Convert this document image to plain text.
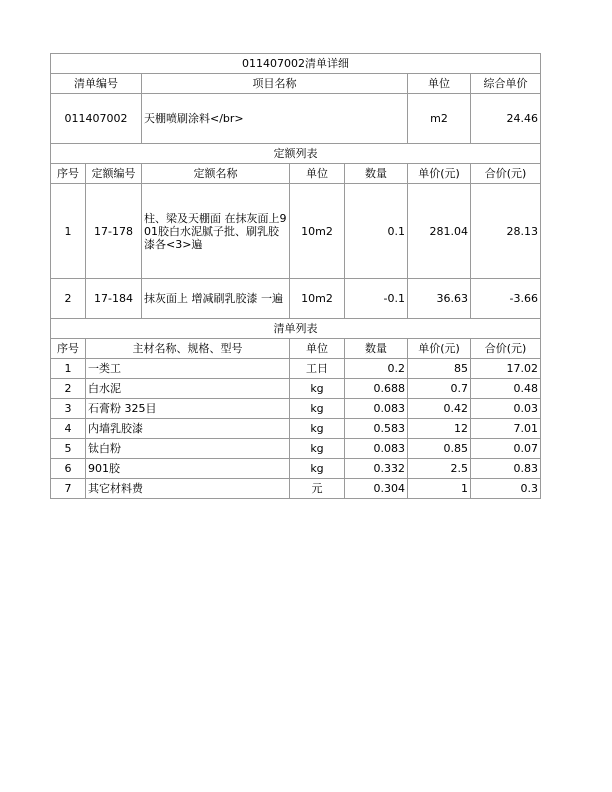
011407002清单详细						
清单编号		项目名称			单位	综合单价
011407002		天棚喷刷涂料</br>			m2	24.46
定额列表						
序号	定额编号	定额名称	单位	数量	单价(元)	合价(元)
1	17-178	柱、梁及天棚面 在抹灰面上901胶白水泥腻子批、刷乳胶漆各<3>遍	10m2	0.1	281.04	28.13
2	17-184	抹灰面上 增减刷乳胶漆 一遍	10m2	-0.1	36.63	-3.66
清单列表						
序号	主材名称、规格、型号		单位	数量	单价(元)	合价(元)
1	一类工		工日	0.2	85	17.02
2	白水泥		kg	0.688	0.7	0.48
3	石膏粉 325目		kg	0.083	0.42	0.03
4	内墙乳胶漆		kg	0.583	12	7.01
5	钛白粉		kg	0.083	0.85	0.07
6	901胶		kg	0.332	2.5	0.83
7	其它材料费		元	0.304	1	0.3
